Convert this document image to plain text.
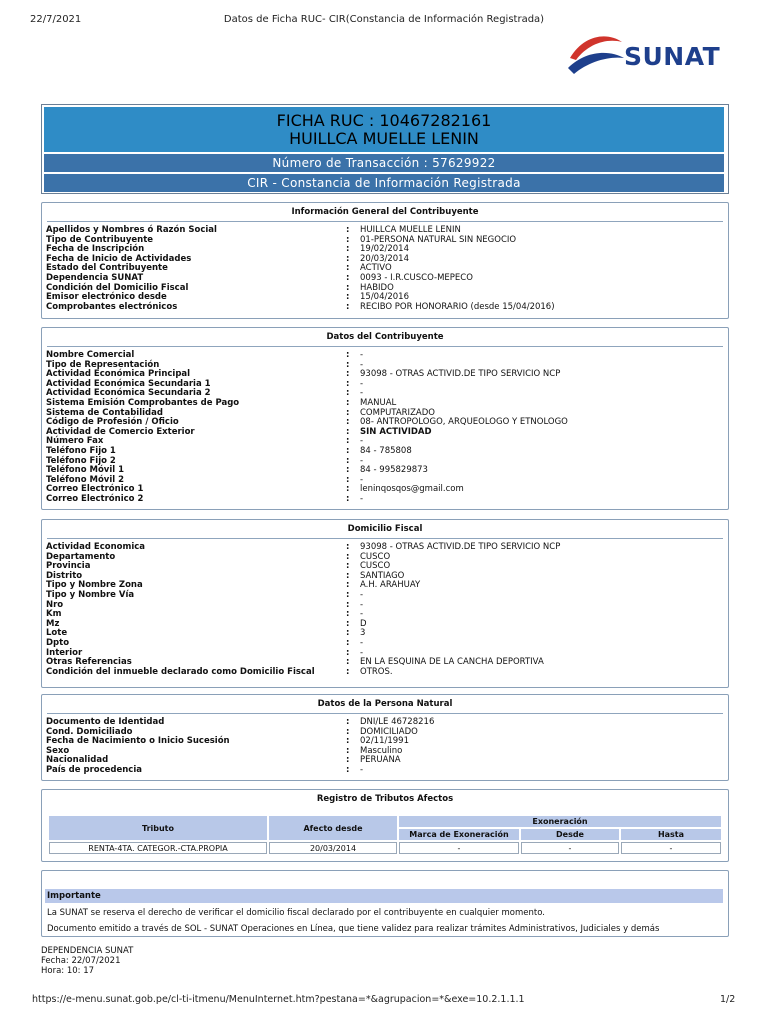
22/7/2021	Datos de Ficha RUC- CIR(Constancia de Información Registrada)
SUNAT
FICHA RUC : 10467282161
HUILLCA MUELLE LENIN
Número de Transacción : 57629922
CIR - Constancia de Información Registrada
Información General del Contribuyente
Apellidos y Nombres ó Razón Social	: HUILLCA MUELLE LENIN
Tipo de Contribuyente	: 01-PERSONA NATURAL SIN NEGOCIO
Fecha de Inscripción	: 19/02/2014
Fecha de Inicio de Actividades	: 20/03/2014
Estado del Contribuyente	: ACTIVO
Dependencia SUNAT	: 0093 - I.R.CUSCO-MEPECO
Condición del Domicilio Fiscal	: HABIDO
Emisor electrónico desde	: 15/04/2016
Comprobantes electrónicos	: RECIBO POR HONORARIO (desde 15/04/2016)
Datos del Contribuyente
Nombre Comercial	: -
Tipo de Representación	: -
Actividad Económica Principal	: 93098 - OTRAS ACTIVID.DE TIPO SERVICIO NCP
Actividad Económica Secundaria 1	: -
Actividad Económica Secundaria 2	: -
Sistema Emisión Comprobantes de Pago	: MANUAL
Sistema de Contabilidad	: COMPUTARIZADO
Código de Profesión / Oficio	: 08- ANTROPOLOGO, ARQUEOLOGO Y ETNOLOGO
Actividad de Comercio Exterior	: SIN ACTIVIDAD
Número Fax	: -
Teléfono Fijo 1	: 84 - 785808
Teléfono Fijo 2	: -
Teléfono Móvil 1	: 84 - 995829873
Teléfono Móvil 2	: -
Correo Electrónico 1	: leninqosqos@gmail.com
Correo Electrónico 2	: -
Domicilio Fiscal
Actividad Economica	: 93098 - OTRAS ACTIVID.DE TIPO SERVICIO NCP
Departamento	: CUSCO
Provincia	: CUSCO
Distrito	: SANTIAGO
Tipo y Nombre Zona	: A.H. ARAHUAY
Tipo y Nombre Vía	: -
Nro	: -
Km	: -
Mz	: D
Lote	: 3
Dpto	: -
Interior	: -
Otras Referencias	: EN LA ESQUINA DE LA CANCHA DEPORTIVA
Condición del inmueble declarado como Domicilio Fiscal	: OTROS.
Datos de la Persona Natural
Documento de Identidad	: DNI/LE 46728216
Cond. Domiciliado	: DOMICILIADO
Fecha de Nacimiento o Inicio Sucesión	: 02/11/1991
Sexo	: Masculino
Nacionalidad	: PERUANA
País de procedencia	: -
Registro de Tributos Afectos
Tributo	Afecto desde	Exoneración		
		Marca de Exoneración	Desde	Hasta
RENTA-4TA. CATEGOR.-CTA.PROPIA	20/03/2014	-	-	-
Importante
La SUNAT se reserva el derecho de verificar el domicilio fiscal declarado por el contribuyente en cualquier momento.
Documento emitido a través de SOL - SUNAT Operaciones en Línea, que tiene validez para realizar trámites Administrativos, Judiciales y demás
DEPENDENCIA SUNAT
Fecha: 22/07/2021
Hora: 10: 17
https://e-menu.sunat.gob.pe/cl-ti-itmenu/MenuInternet.htm?pestana=*&agrupacion=*&exe=10.2.1.1.1	1/2
